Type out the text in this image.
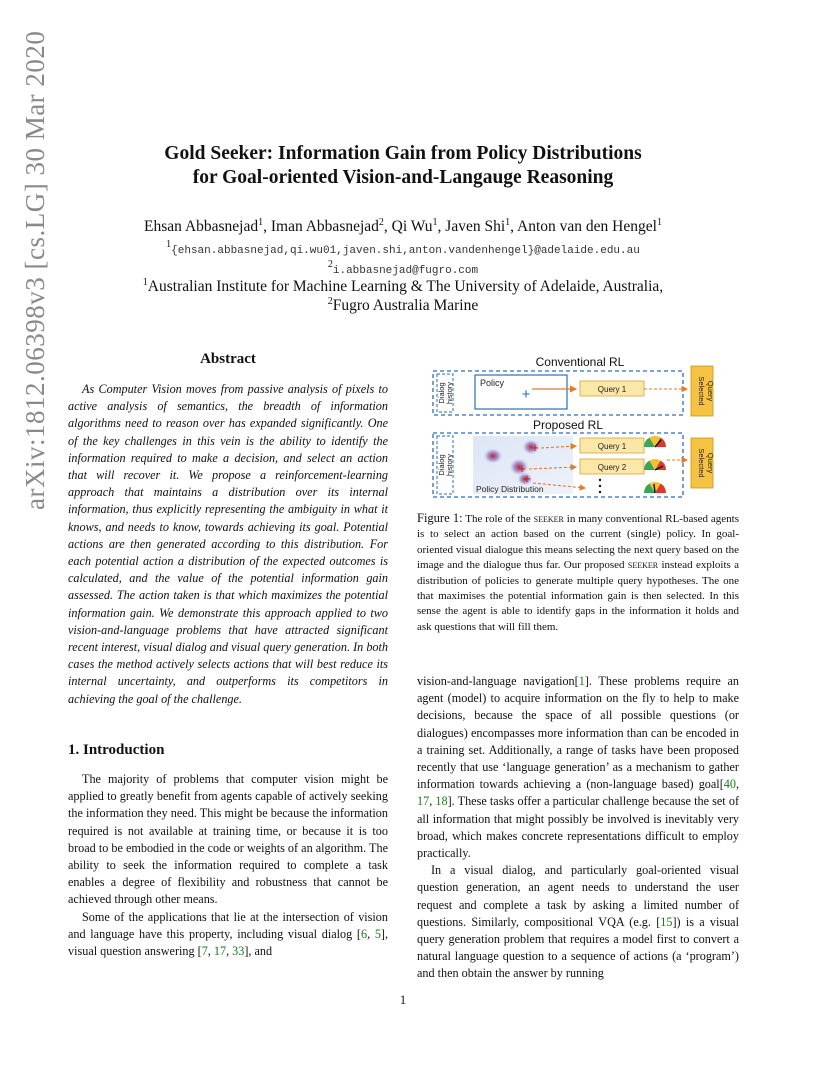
arXiv:1812.06398v3 [cs.LG] 30 Mar 2020	Gold Seeker: Information Gain from Policy Distributions
for Goal-oriented Vision-and-Langauge Reasoning
Ehsan Abbasnejad$^1$, Iman Abbasnejad$^2$, Qi Wu$^1$, Javen Shi$^1$, Anton van den Hengel$^1$
$^1${ehsan.abbasnejad,qi.wu01,javen.shi,anton.vandenhengel}@adelaide.edu.au
$^2$i.abbasnejad@fugro.com
$^1$Australian Institute for Machine Learning & The University of Adelaide, Australia,
$^2$Fugro Australia Marine
Abstract
As Computer Vision moves from passive analysis of pixels to active analysis of semantics, the breadth of information algorithms need to reason over has expanded significantly. One of the key challenges in this vein is the ability to identify the information required to make a decision, and select an action that will recover it. We propose a reinforcement-learning approach that maintains a distribution over its internal information, thus explicitly representing the ambiguity in what it knows, and needs to know, towards achieving its goal. Potential actions are then generated according to this distribution. For each potential action a distribution of the expected outcomes is calculated, and the value of the potential information gain assessed. The action taken is that which maximizes the potential information gain. We demonstrate this approach applied to two vision-and-language problems that have attracted significant recent interest, visual dialog and visual query generation. In both cases the method actively selects actions that will best reduce its internal uncertainty, and outperforms its competitors in achieving the goal of the challenge.
1. Introduction

The majority of problems that computer vision might be applied to greatly benefit from agents capable of actively seeking the information they need. This might be because the information required is not available at training time, or because it is too broad to be embodied in the code or weights of an algorithm. The ability to seek the information required to complete a task enables a degree of flexibility and robustness that cannot be achieved through other means.

Some of the applications that lie at the intersection of vision and language have this property, including visual dialog [6, 5], visual question answering [7, 17, 33], and

Conventional RL
Dialog history	Policy
+	Query 1	Selected Query
Proposed RL
Dialog history
+
+
+
Policy Distribution
Query 1
Query 2	Selected Query
Figure 1: The role of the seeker in many conventional RL-based agents is to select an action based on the current (single) policy. In goal-oriented visual dialogue this means selecting the next query based on the image and the dialogue thus far. Our proposed seeker instead exploits a distribution of policies to generate multiple query hypotheses. The one that maximises the potential information gain is then selected. In this sense the agent is able to identify gaps in the information it holds and ask questions that will fill them.

vision-and-language navigation[1]. These problems require an agent (model) to acquire information on the fly to help to make decisions, because the space of all possible questions (or dialogues) encompasses more information than can be encoded in a training set. Additionally, a range of tasks have been proposed recently that use ‘language generation’ as a mechanism to gather information towards achieving a (non-language based) goal[40, 17, 18]. These tasks offer a particular challenge because the set of all information that might possibly be involved is inevitably very broad, which makes concrete representations difficult to employ practically.

In a visual dialog, and particularly goal-oriented visual question generation, an agent needs to understand the user request and complete a task by asking a limited number of questions. Similarly, compositional VQA (e.g. [15]) is a visual query generation problem that requires a model first to convert a natural language question to a sequence of actions (a ‘program’) and then obtain the answer by running

1
